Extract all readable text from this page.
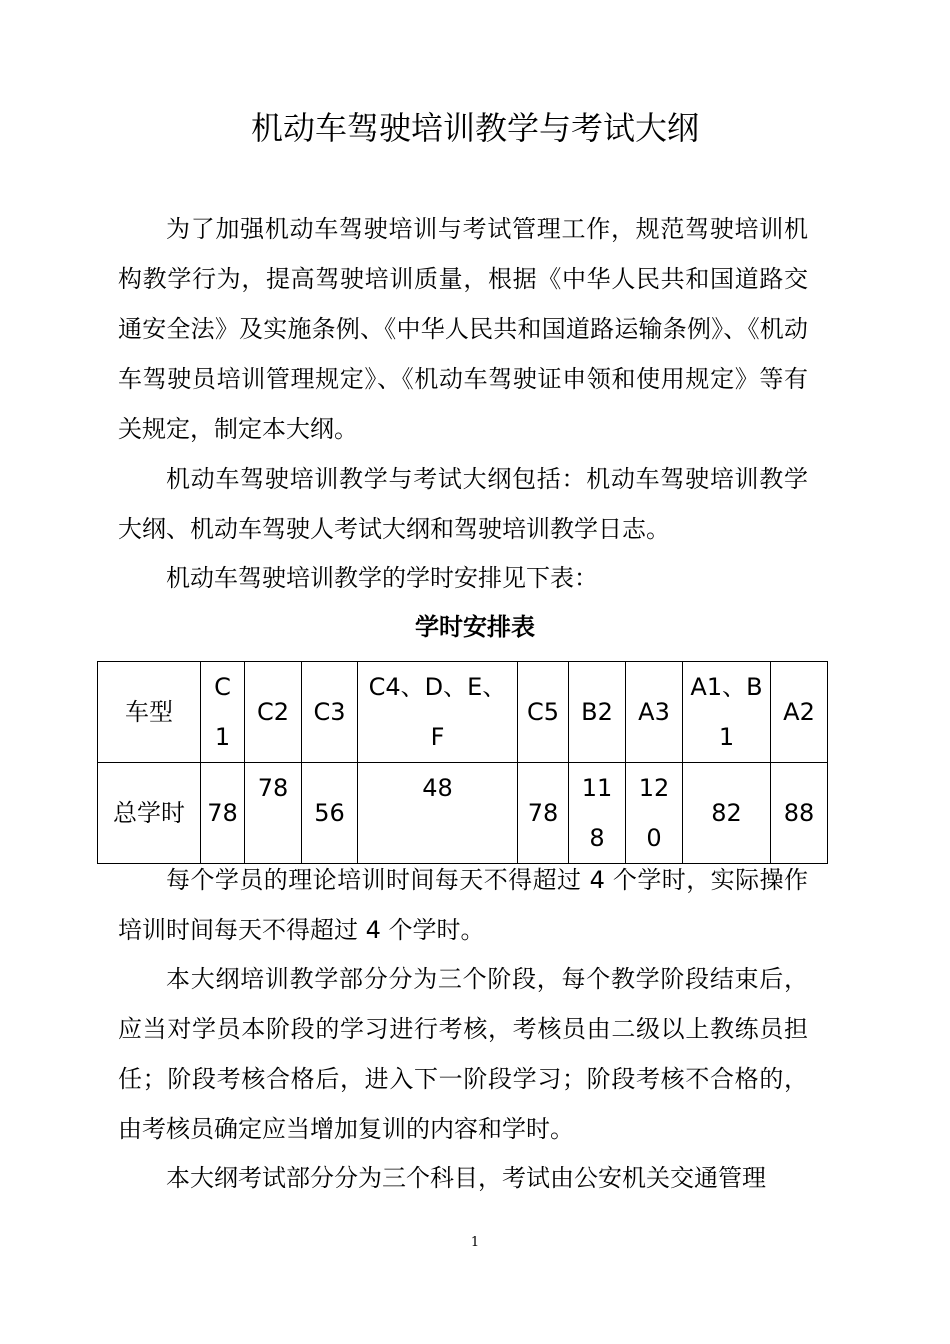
机动车驾驶培训教学与考试大纲

为了加强机动车驾驶培训与考试管理工作，规范驾驶培训机构教学行为，提高驾驶培训质量，根据《中华人民共和国道路交通安全法》及实施条例、《中华人民共和国道路运输条例》、《机动车驾驶员培训管理规定》、《机动车驾驶证申领和使用规定》等有关规定，制定本大纲。

机动车驾驶培训教学与考试大纲包括：机动车驾驶培训教学大纲、机动车驾驶人考试大纲和驾驶培训教学日志。

机动车驾驶培训教学的学时安排见下表：

学时安排表
车型	C1	C2	C3	C4、D、E、F	C5	B2	A3	A1、B1	A2
总学时	78	78	56	48	78	118	120	82	88

每个学员的理论培训时间每天不得超过 4 个学时，实际操作培训时间每天不得超过 4 个学时。

本大纲培训教学部分分为三个阶段，每个教学阶段结束后，应当对学员本阶段的学习进行考核，考核员由二级以上教练员担任；阶段考核合格后，进入下一阶段学习；阶段考核不合格的，由考核员确定应当增加复训的内容和学时。

本大纲考试部分分为三个科目，考试由公安机关交通管理

1
